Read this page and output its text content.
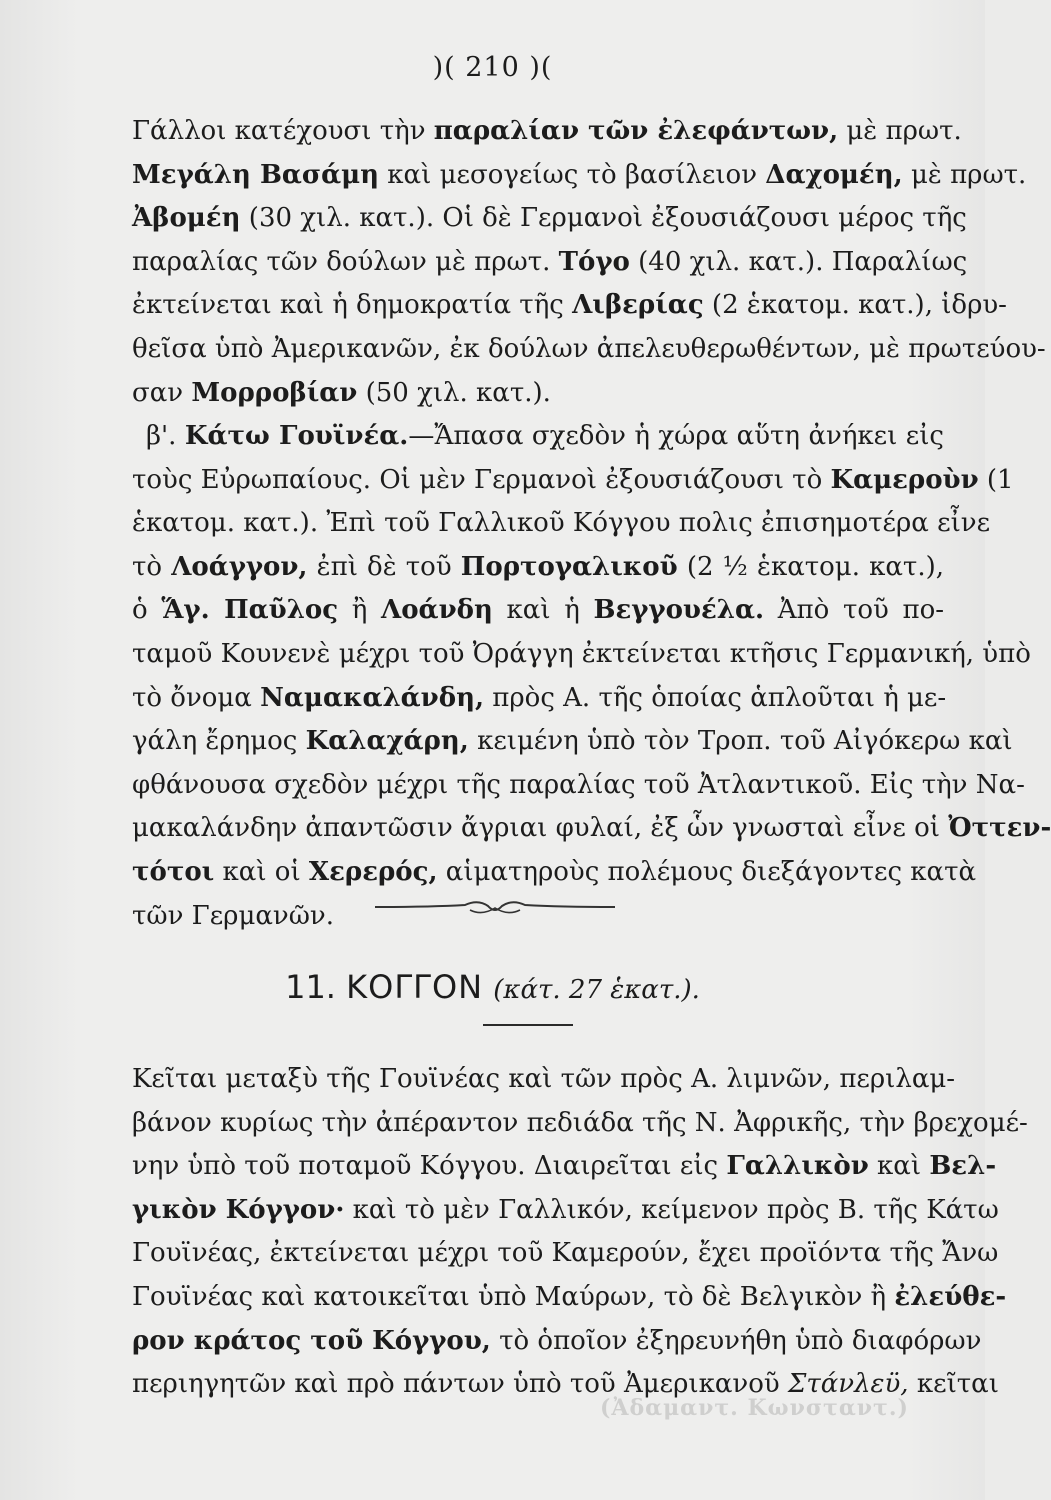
)( 210 )(
Γάλλοι κατέχουσι τὴν παραλίαν τῶν ἐλεφάντων, μὲ πρωτ.
Μεγάλη Βασάμη καὶ μεσογείως τὸ βασίλειον Δαχομέη, μὲ πρωτ.
Ἀβομέη (30 χιλ. κατ.). Οἱ δὲ Γερμανοὶ ἐξουσιάζουσι μέρος τῆς
παραλίας τῶν δούλων μὲ πρωτ. Τόγο (40 χιλ. κατ.). Παραλίως
ἐκτείνεται καὶ ἡ δημοκρατία τῆς Λιβερίας (2 ἑκατομ. κατ.), ἱδρυ-
θεῖσα ὑπὸ Ἀμερικανῶν, ἐκ δούλων ἀπελευθερωθέντων, μὲ πρωτεύου-
σαν Μορροβίαν (50 χιλ. κατ.).
β'. Κάτω Γουϊνέα.—Ἄπασα σχεδὸν ἡ χώρα αὕτη ἀνήκει εἰς
τοὺς Εὐρωπαίους. Οἱ μὲν Γερμανοὶ ἐξουσιάζουσι τὸ Καμεροὺν (1
ἑκατομ. κατ.). Ἐπὶ τοῦ Γαλλικοῦ Κόγγου πολις ἐπισημοτέρα εἶνε
τὸ Λοάγγον, ἐπὶ δὲ τοῦ Πορτογαλικοῦ (2 ½ ἑκατομ. κατ.),
ὁ Ἅγ. Παῦλος ἢ Λοάνδη καὶ ἡ Βεγγουέλα. Ἀπὸ τοῦ πο-
ταμοῦ Κουνενὲ μέχρι τοῦ Ὀράγγη ἐκτείνεται κτῆσις Γερμανική, ὑπὸ
τὸ ὄνομα Ναμακαλάνδη, πρὸς Α. τῆς ὁποίας ἁπλοῦται ἡ με-
γάλη ἔρημος Καλαχάρη, κειμένη ὑπὸ τὸν Τροπ. τοῦ Αἰγόκερω καὶ
φθάνουσα σχεδὸν μέχρι τῆς παραλίας τοῦ Ἀτλαντικοῦ. Εἰς τὴν Να-
μακαλάνδην ἀπαντῶσιν ἄγριαι φυλαί, ἐξ ὧν γνωσταὶ εἶνε οἱ Ὀττεν-
τότοι καὶ οἱ Χερερός, αἱματηροὺς πολέμους διεξάγοντες κατὰ
τῶν Γερμανῶν.
11. ΚΟΓΓΟΝ (κάτ. 27 ἑκατ.).
Κεῖται μεταξὺ τῆς Γουϊνέας καὶ τῶν πρὸς Α. λιμνῶν, περιλαμ-
βάνον κυρίως τὴν ἀπέραντον πεδιάδα τῆς Ν. Ἀφρικῆς, τὴν βρεχομέ-
νην ὑπὸ τοῦ ποταμοῦ Κόγγου. Διαιρεῖται εἰς Γαλλικὸν καὶ Βελ-
γικὸν Κόγγον· καὶ τὸ μὲν Γαλλικόν, κείμενον πρὸς Β. τῆς Κάτω
Γουϊνέας, ἐκτείνεται μέχρι τοῦ Καμερούν, ἔχει προϊόντα τῆς Ἄνω
Γουϊνέας καὶ κατοικεῖται ὑπὸ Μαύρων, τὸ δὲ Βελγικὸν ἢ ἐλεύθε-
ρον κράτος τοῦ Κόγγου, τὸ ὁποῖον ἐξηρευνήθη ὑπὸ διαφόρων
περιηγητῶν καὶ πρὸ πάντων ὑπὸ τοῦ Ἀμερικανοῦ Στάνλεϋ, κεῖται
(Ἀδαμαντ. Κωνσταντ.)
